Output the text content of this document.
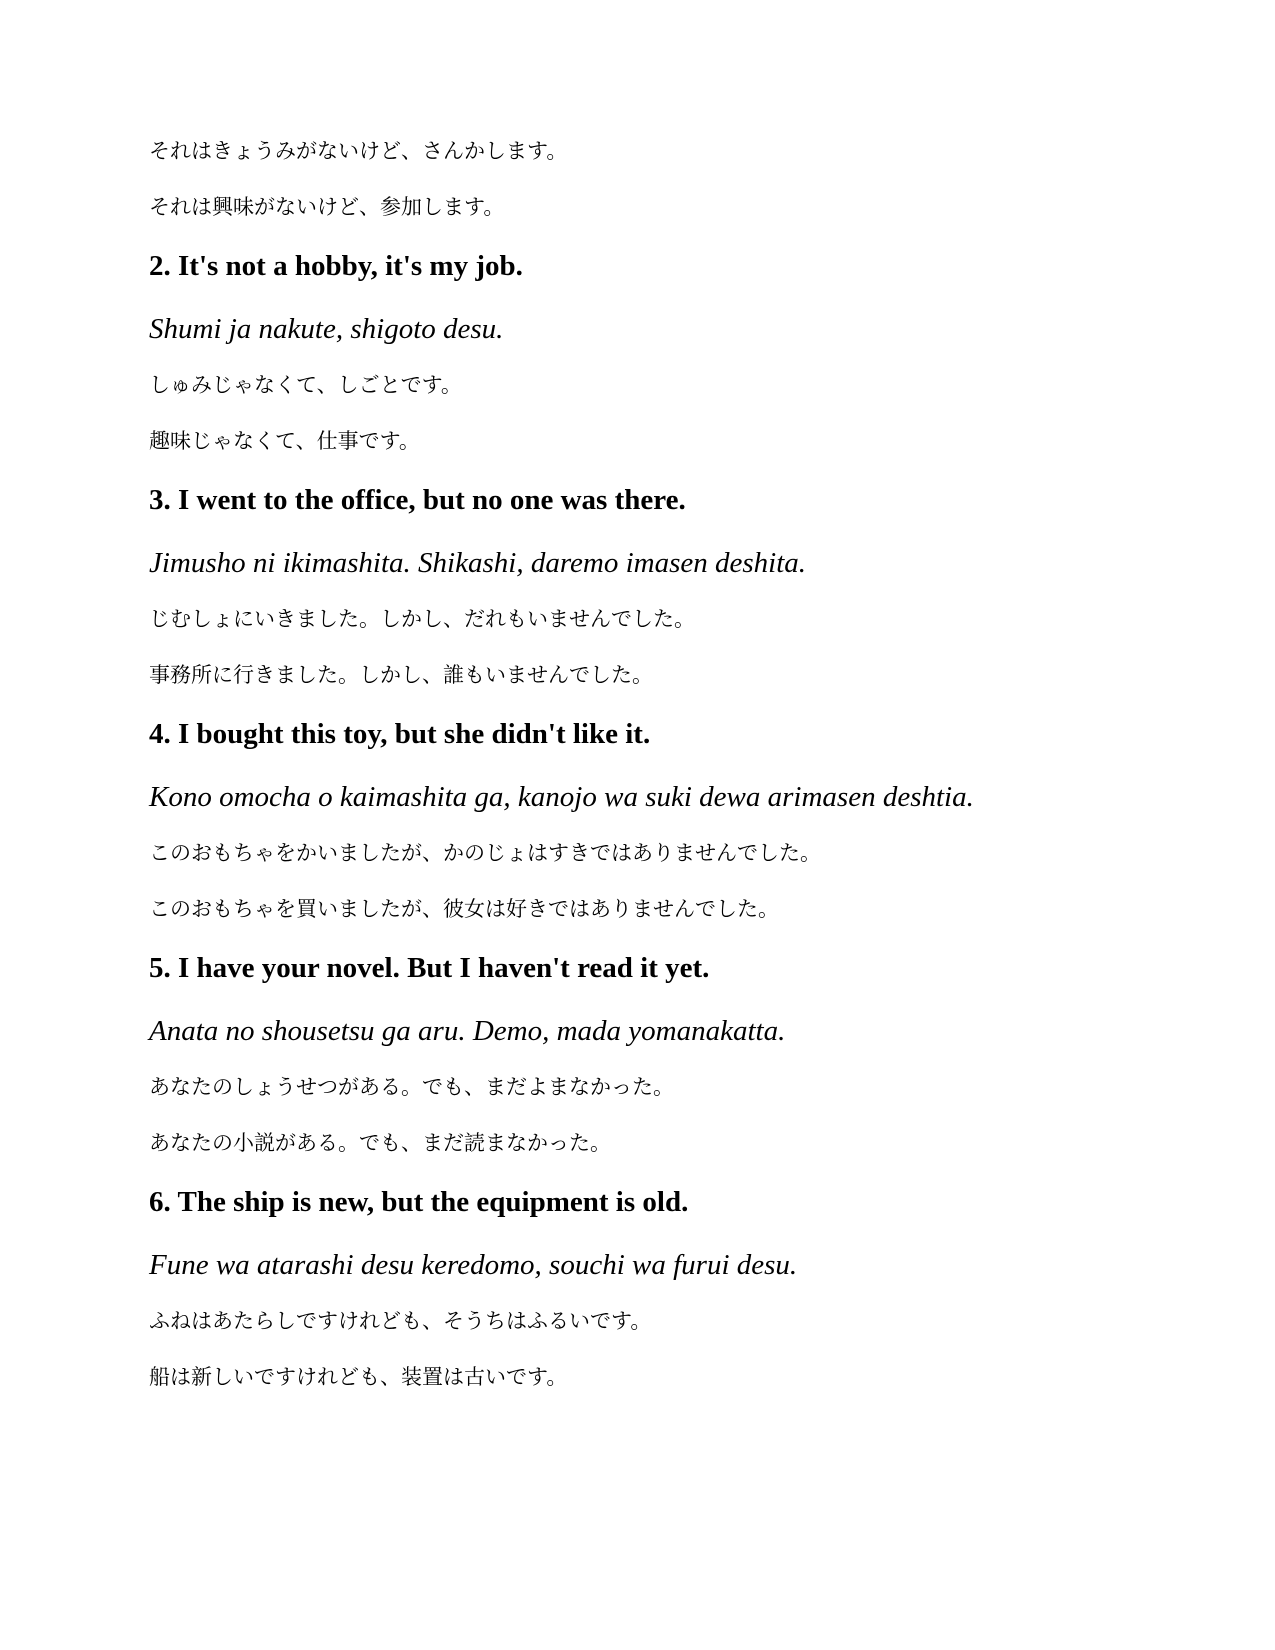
それはきょうみがないけど、さんかします。
それは興味がないけど、参加します。
2. It's not a hobby, it's my job.
Shumi ja nakute, shigoto desu.
しゅみじゃなくて、しごとです。
趣味じゃなくて、仕事です。
3. I went to the office, but no one was there.
Jimusho ni ikimashita. Shikashi, daremo imasen deshita.
じむしょにいきました。しかし、だれもいませんでした。
事務所に行きました。しかし、誰もいませんでした。
4. I bought this toy, but she didn't like it.
Kono omocha o kaimashita ga, kanojo wa suki dewa arimasen deshtia.
このおもちゃをかいましたが、かのじょはすきではありませんでした。
このおもちゃを買いましたが、彼女は好きではありませんでした。
5. I have your novel. But I haven't read it yet.
Anata no shousetsu ga aru. Demo, mada yomanakatta.
あなたのしょうせつがある。でも、まだよまなかった。
あなたの小説がある。でも、まだ読まなかった。
6. The ship is new, but the equipment is old.
Fune wa atarashi desu keredomo, souchi wa furui desu.
ふねはあたらしですけれども、そうちはふるいです。
船は新しいですけれども、装置は古いです。
